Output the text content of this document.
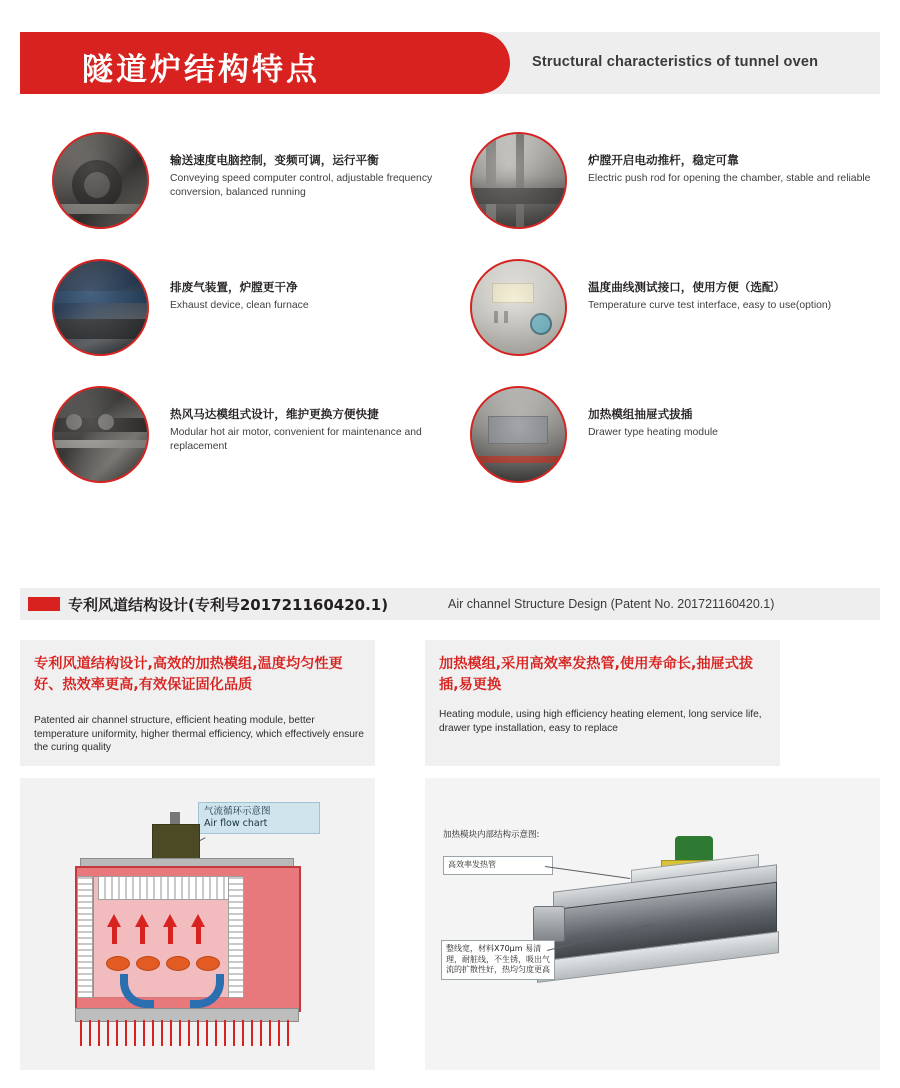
隧道炉结构特点	Structural characteristics of tunnel oven
输送速度电脑控制，变频可调，运行平衡
Conveying speed computer control, adjustable frequency conversion, balanced running
炉膛开启电动推杆，稳定可靠
Electric push rod for opening the chamber, stable and reliable
排废气装置，炉膛更干净
Exhaust device, clean furnace
温度曲线测试接口，使用方便（选配）
Temperature curve test interface, easy to use(option)
热风马达模组式设计，维护更换方便快捷
Modular hot air motor, convenient for maintenance and replacement
加热模组抽屉式拔插
Drawer type heating module
专利风道结构设计(专利号201721160420.1)	Air channel Structure Design (Patent No. 201721160420.1)
专利风道结构设计,高效的加热模组,温度均匀性更好、热效率更高,有效保证固化品质
Patented air channel structure, efficient heating module, better temperature uniformity, higher thermal efficiency, which effectively ensure the curing quality
加热模组,采用高效率发热管,使用寿命长,抽屉式拔插,易更换
Heating module, using high efficiency heating element, long service life, drawer type installation, easy to replace
气流循环示意图
Air flow chart
加热模块内部结构示意图:
高效率发热管
整线宽，材料X70μm 易清理，耐脏线，不生锈，吸出气流的扩散性好，热均匀度更高
